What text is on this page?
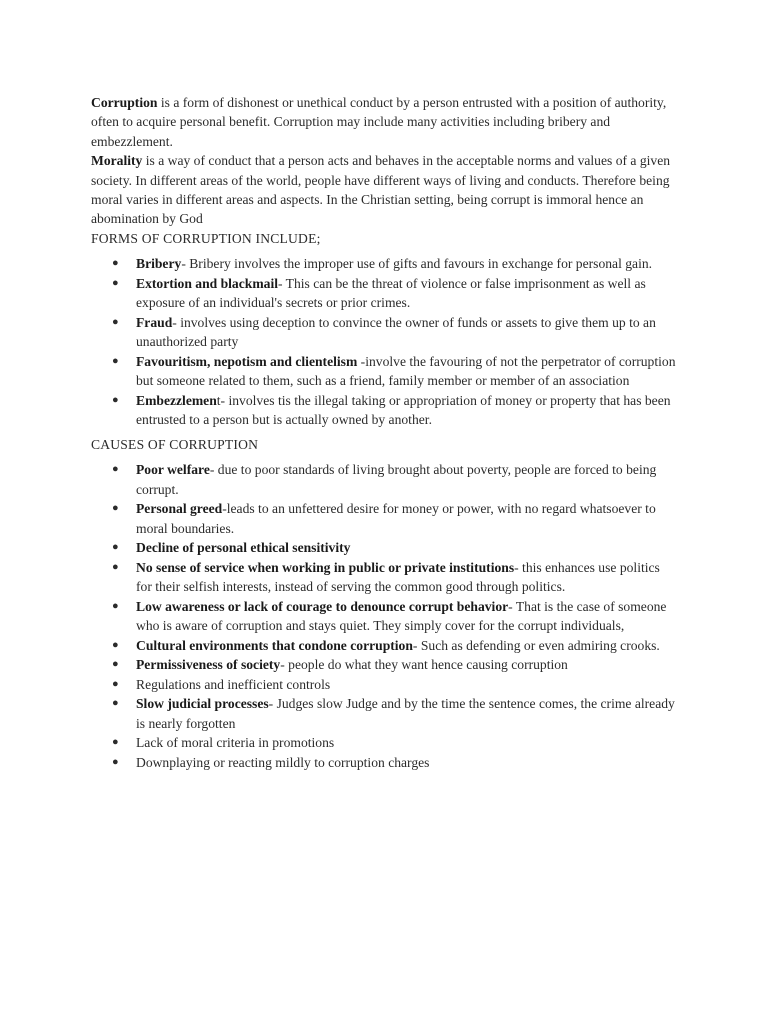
Corruption is a form of dishonest or unethical conduct by a person entrusted with a position of authority, often to acquire personal benefit. Corruption may include many activities including bribery and embezzlement.

Morality is a way of conduct that a person acts and behaves in the acceptable norms and values of a given society. In different areas of the world, people have different ways of living and conducts. Therefore being moral varies in different areas and aspects. In the Christian setting, being corrupt is immoral hence an abomination by God

FORMS OF CORRUPTION INCLUDE;

● Bribery- Bribery involves the improper use of gifts and favours in exchange for personal gain.
● Extortion and blackmail- This can be the threat of violence or false imprisonment as well as exposure of an individual's secrets or prior crimes.
● Fraud- involves using deception to convince the owner of funds or assets to give them up to an unauthorized party
● Favouritism, nepotism and clientelism -involve the favouring of not the perpetrator of corruption but someone related to them, such as a friend, family member or member of an association
● Embezzlement- involves tis the illegal taking or appropriation of money or property that has been entrusted to a person but is actually owned by another.

CAUSES OF CORRUPTION

● Poor welfare- due to poor standards of living brought about poverty, people are forced to being corrupt.
● Personal greed-leads to an unfettered desire for money or power, with no regard whatsoever to moral boundaries.
● Decline of personal ethical sensitivity
● No sense of service when working in public or private institutions- this enhances use politics for their selfish interests, instead of serving the common good through politics.
● Low awareness or lack of courage to denounce corrupt behavior- That is the case of someone who is aware of corruption and stays quiet. They simply cover for the corrupt individuals,
● Cultural environments that condone corruption- Such as defending or even admiring crooks.
● Permissiveness of society- people do what they want hence causing corruption
● Regulations and inefficient controls
● Slow judicial processes- Judges slow Judge and by the time the sentence comes, the crime already is nearly forgotten
● Lack of moral criteria in promotions
● Downplaying or reacting mildly to corruption charges
